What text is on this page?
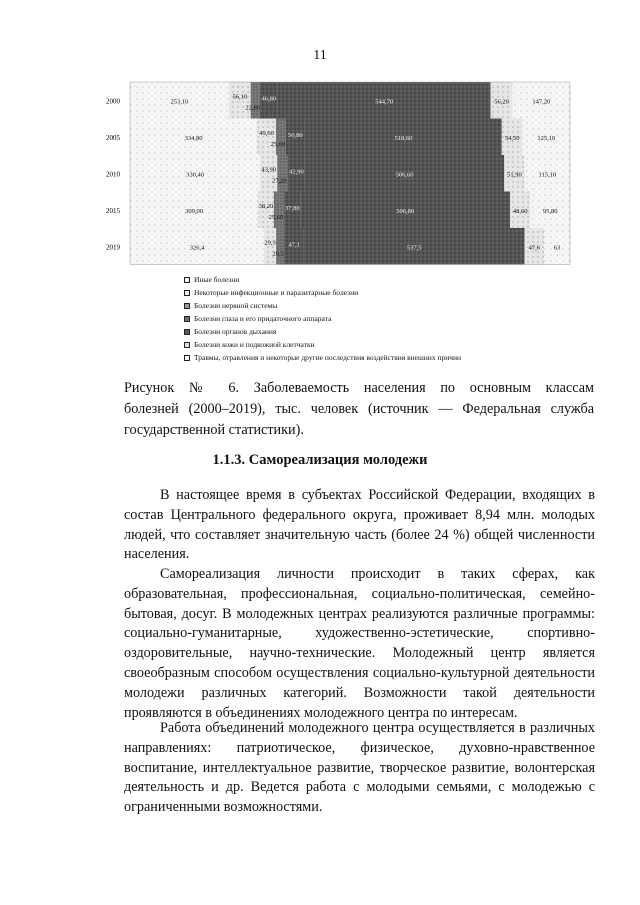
11
2000
2005
2010
2015
2019
253,10
56,10
22,80
46,80	544,70	56,20	147,20
334,80
49,60
25,60
50,80	518,60	54,50	125,10
330,40
43,90
27,20
42,90	506,60	51,90	115,10
309,00
38,20
25,60
37,80	506,80	48,60 95,80
326,4
29,3
20,5
47,1	537,5	47,6 63
Иные болезни
Некоторые инфекционные и паразитарные болезни
Болезни нервной системы
Болезни глаза и его придаточного аппарата
Болезни органов дыхания
Болезни кожи и подкожной клетчатки
Травмы, отравления и некоторые другие последствия воздействия внешних причин
Рисунок № 6. Заболеваемость населения по основным классам
болезней (2000–2019), тыс. человек (источник — Федеральная служба
государственной статистики).
1.1.3. Самореализация молодежи
В настоящее время в субъектах Российской Федерации, входящих в
состав Центрального федерального округа, проживает 8,94 млн. молодых
людей, что составляет значительную часть (более 24 %) общей численности
населения.
Самореализация личности происходит в таких сферах, как
образовательная, профессиональная, социально-политическая, семейно-
бытовая, досуг. В молодежных центрах реализуются различные программы:
социально-гуманитарные, художественно-эстетические, спортивно-
оздоровительные, научно-технические. Молодежный центр является
своеобразным способом осуществления социально-культурной деятельности
молодежи различных категорий. Возможности такой деятельности
проявляются в объединениях молодежного центра по интересам.
Работа объединений молодежного центра осуществляется в различных
направлениях: патриотическое, физическое, духовно-нравственное
воспитание, интеллектуальное развитие, творческое развитие, волонтерская
деятельность и др. Ведется работа с молодыми семьями, с молодежью с
ограниченными возможностями.
